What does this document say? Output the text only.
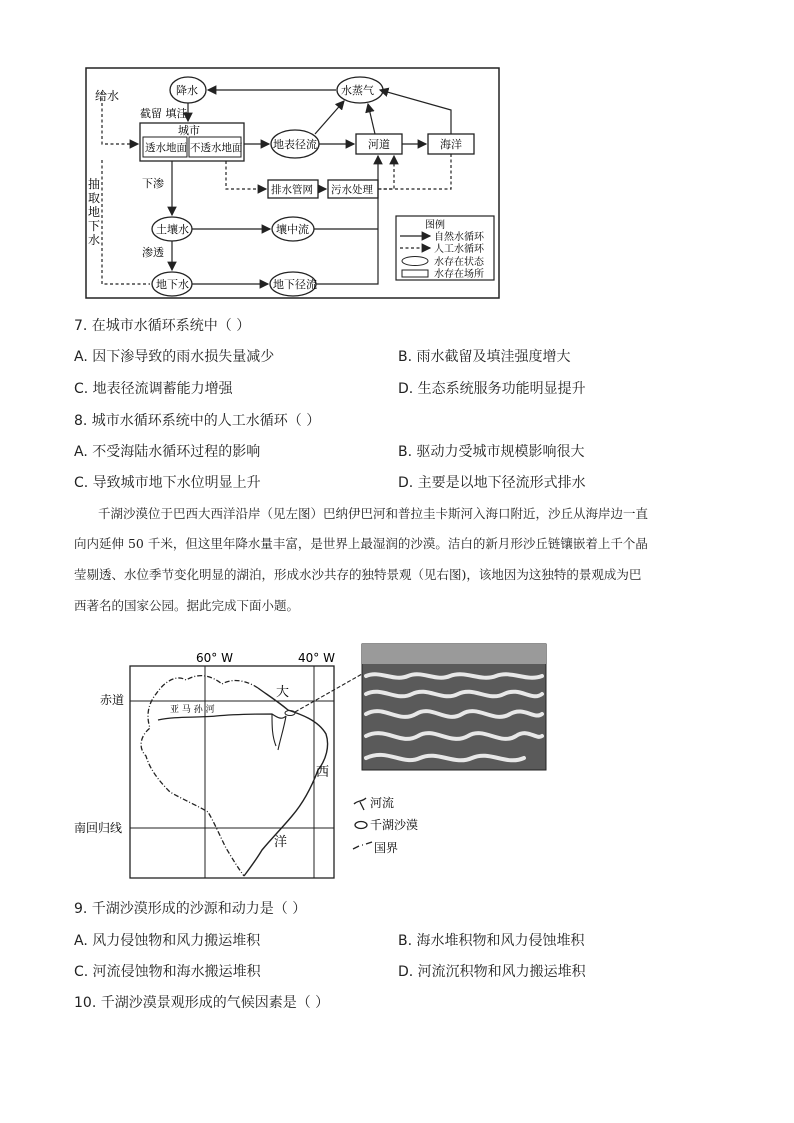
给水
抽
取
地
下
水
降水	水蒸气
地表径流
土壤水	壤中流
地下水	地下径流
截留 填洼
城市
透水地面 不透水地面	河道	海洋
排水管网 污水处理
下渗
渗透
图例
自然水循环
人工水循环
水存在状态
水存在场所
7. 在城市水循环系统中（ ）
A. 因下渗导致的雨水损失量减少	B. 雨水截留及填洼强度增大
C. 地表径流调蓄能力增强	D. 生态系统服务功能明显提升
8. 城市水循环系统中的人工水循环（ ）
A. 不受海陆水循环过程的影响	B. 驱动力受城市规模影响很大
C. 导致城市地下水位明显上升	D. 主要是以地下径流形式排水
千湖沙漠位于巴西大西洋沿岸（见左图）巴纳伊巴河和普拉圭卡斯河入海口附近，沙丘从海岸边一直
向内延伸 50 千米，但这里年降水量丰富，是世界上最湿润的沙漠。洁白的新月形沙丘链镶嵌着上千个晶
莹剔透、水位季节变化明显的湖泊，形成水沙共存的独特景观（见右图)，该地因为这独特的景观成为巴
西著名的国家公园。据此完成下面小题。
60° W	40° W
赤道
南回归线
亚 马 孙 河
大
西
洋
河流
千湖沙漠
国界
9. 千湖沙漠形成的沙源和动力是（ ）
A. 风力侵蚀物和风力搬运堆积	B. 海水堆积物和风力侵蚀堆积
C. 河流侵蚀物和海水搬运堆积	D. 河流沉积物和风力搬运堆积
10. 千湖沙漠景观形成的气候因素是（ ）
